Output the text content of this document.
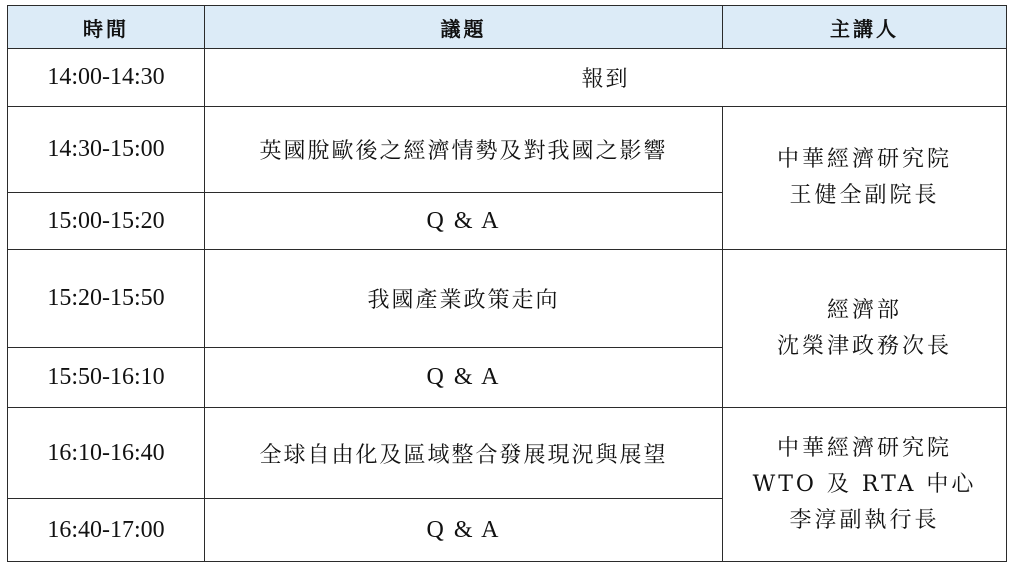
時間	議題	主講人
14:00-14:30	報到	
14:30-15:00	英國脫歐後之經濟情勢及對我國之影響	中華經濟研究院
王健全副院長

15:00-15:20	Q & A	
15:20-15:50	我國產業政策走向	經濟部
沈榮津政務次長

15:50-16:10	Q & A	
16:10-16:40	全球自由化及區域整合發展現況與展望	中華經濟研究院
WTO 及 RTA 中心
李淳副執行長

16:40-17:00	Q & A	
